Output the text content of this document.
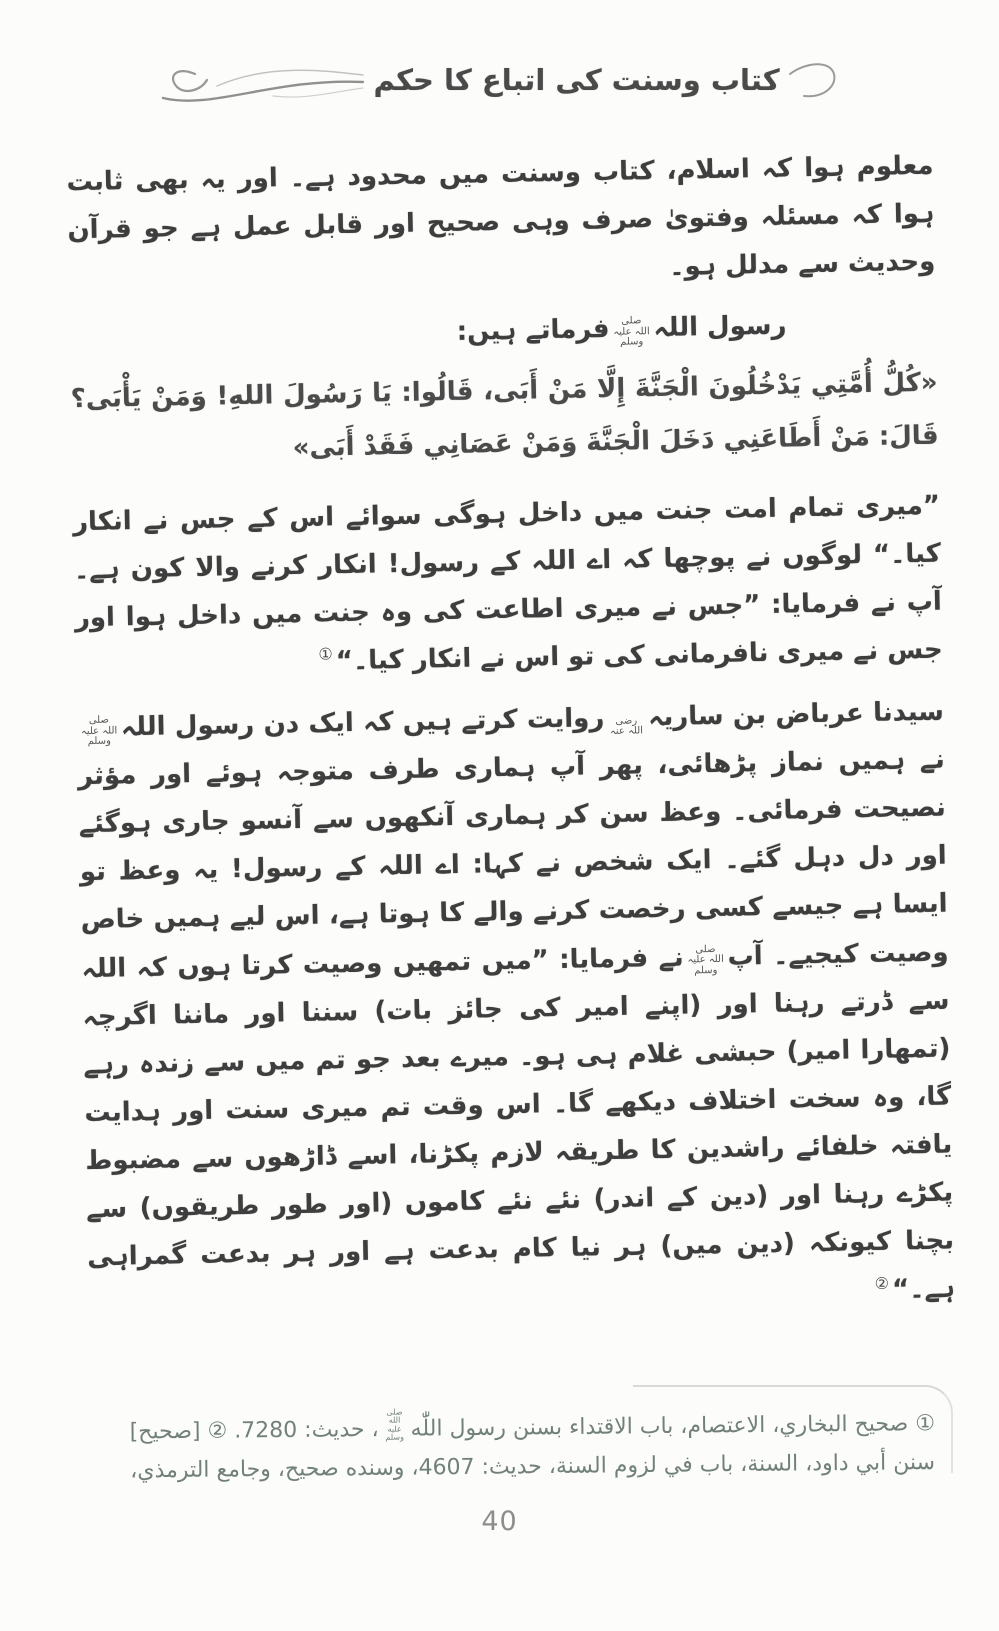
کتاب وسنت کی اتباع کا حکم

معلوم ہوا کہ اسلام، کتاب وسنت میں محدود ہے۔ اور یہ بھی ثابت ہوا کہ مسئلہ وفتویٰ صرف وہی صحیح اور قابل عمل ہے جو قرآن وحدیث سے مدلل ہو۔

رسول اللہصلی اللہ علیہ وسلمفرماتے ہیں:

«كُلُّ أُمَّتِي يَدْخُلُونَ الْجَنَّةَ إِلَّا مَنْ أَبَى، قَالُوا: يَا رَسُولَ اللهِ! وَمَنْ يَأْبَى؟ قَالَ: مَنْ أَطَاعَنِي دَخَلَ الْجَنَّةَ وَمَنْ عَصَانِي فَقَدْ أَبَى»

”میری تمام امت جنت میں داخل ہوگی سوائے اس کے جس نے انکار کیا۔“ لوگوں نے پوچھا کہ اے اللہ کے رسول! انکار کرنے والا کون ہے۔ آپ نے فرمایا: ”جس نے میری اطاعت کی وہ جنت میں داخل ہوا اور جس نے میری نافرمانی کی تو اس نے انکار کیا۔“①

سیدنا عرباض بن ساریہرضی اللہ عنہروایت کرتے ہیں کہ ایک دن رسول اللہصلی اللہ علیہ وسلمنے ہمیں نماز پڑھائی، پھر آپ ہماری طرف متوجہ ہوئے اور مؤثر نصیحت فرمائی۔ وعظ سن کر ہماری آنکھوں سے آنسو جاری ہوگئے اور دل دہل گئے۔ ایک شخص نے کہا: اے اللہ کے رسول! یہ وعظ تو ایسا ہے جیسے کسی رخصت کرنے والے کا ہوتا ہے، اس لیے ہمیں خاص وصیت کیجیے۔ آپصلی اللہ علیہ وسلمنے فرمایا: ”میں تمھیں وصیت کرتا ہوں کہ اللہ سے ڈرتے رہنا اور (اپنے امیر کی جائز بات) سننا اور ماننا اگرچہ (تمھارا امیر) حبشی غلام ہی ہو۔ میرے بعد جو تم میں سے زندہ رہے گا، وہ سخت اختلاف دیکھے گا۔ اس وقت تم میری سنت اور ہدایت یافتہ خلفائے راشدین کا طریقہ لازم پکڑنا، اسے ڈاڑھوں سے مضبوط پکڑے رہنا اور (دین کے اندر) نئے نئے کاموں (اور طور طریقوں) سے بچنا کیونکہ (دین میں) ہر نیا کام بدعت ہے اور ہر بدعت گمراہی ہے۔“②

① صحيح البخاري، الاعتصام، باب الاقتداء بسنن رسول اللّٰهصلى الله عليه وسلم، حديث: 7280. ② [صحيح]

سنن أبي داود، السنة، باب في لزوم السنة، حديث: 4607، وسنده صحيح، وجامع الترمذي،

40
